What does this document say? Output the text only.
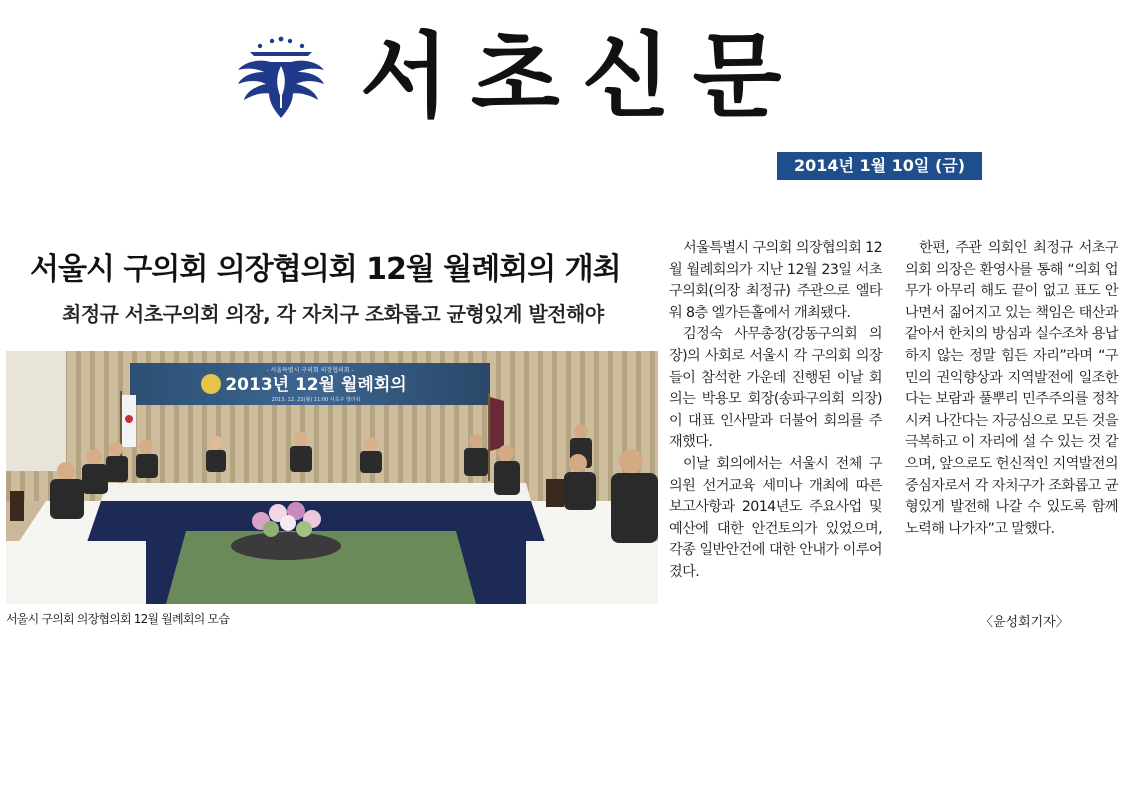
서초신문
2014년 1월 10일 (금)
서울시 구의회 의장협의회 12월 월례회의 개최
최정규 서초구의회 의장, 각 자치구 조화롭고 균형있게 발전해야
- 서울특별시 구의회 의장협의회 -
2013년 12월 월례회의
2013. 12. 23(월) 11:00 서초구 엘리워
서울시 구의회 의장협의회 12월 월례회의 모습

서울특별시 구의회 의장협의회 12월 월례회의가 지난 12월 23일 서초구의회(의장 최정규) 주관으로 엘타워 8층 엘가든홀에서 개최됐다.

김정숙 사무총장(강동구의회 의장)의 사회로 서울시 각 구의회 의장들이 참석한 가운데 진행된 이날 회의는 박용모 회장(송파구의회 의장)이 대표 인사말과 더불어 회의를 주재했다.

이날 회의에서는 서울시 전체 구의원 선거교육 세미나 개최에 따른 보고사항과 2014년도 주요사업 및 예산에 대한 안건토의가 있었으며, 각종 일반안건에 대한 안내가 이루어졌다.

한편, 주관 의회인 최정규 서초구의회 의장은 환영사를 통해 “의회 업무가 아무리 해도 끝이 없고 표도 안 나면서 짊어지고 있는 책임은 태산과 같아서 한치의 방심과 실수조차 용납하지 않는 정말 힘든 자리”라며 “구민의 권익향상과 지역발전에 일조한다는 보람과 풀뿌리 민주주의를 정착시켜 나간다는 자긍심으로 모든 것을 극복하고 이 자리에 설 수 있는 것 같으며, 앞으로도 헌신적인 지역발전의 중심자로서 각 자치구가 조화롭고 균형있게 발전해 나갈 수 있도록 함께 노력해 나가자”고 말했다.

〈윤성회기자〉
